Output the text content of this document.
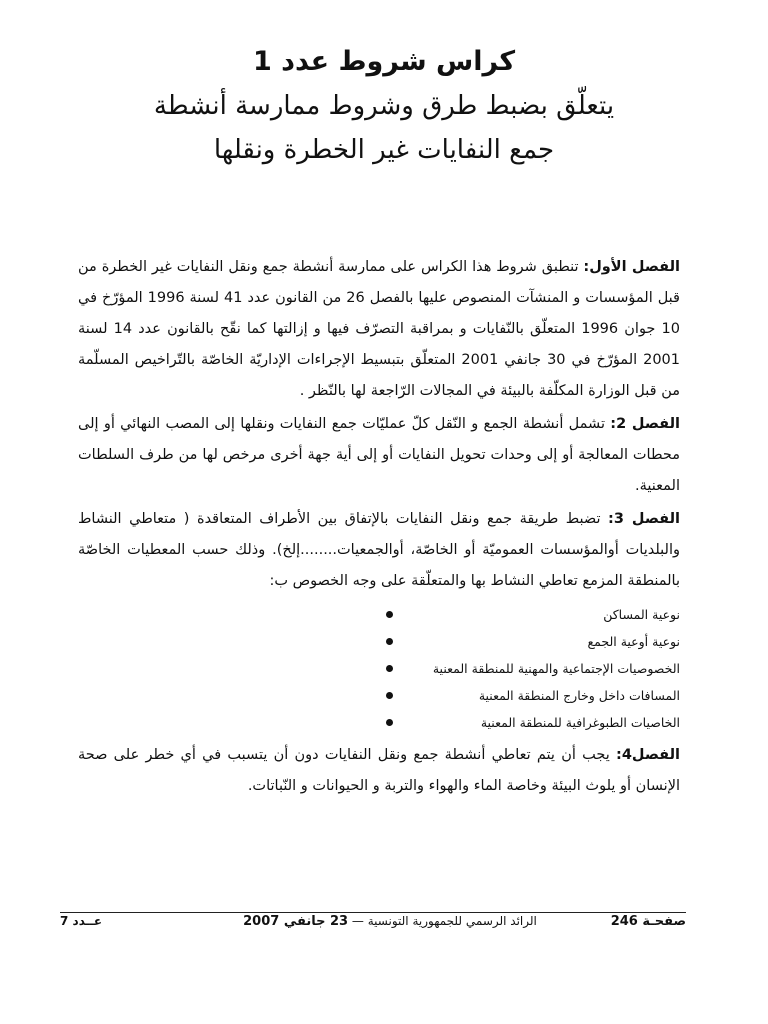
كراس شروط عدد 1
يتعلّق بضبط طرق وشروط ممارسة أنشطة
جمع النفايات غير الخطرة ونقلها

الفصل الأول: تنطبق شروط هذا الكراس على ممارسة أنشطة جمع ونقل النفايات غير الخطرة من قبل المؤسسات و المنشآت المنصوص عليها بالفصل 26 من القانون عدد 41 لسنة 1996 المؤرّخ في 10 جوان 1996 المتعلّق بالنّفايات و بمراقبة التصرّف فيها و إزالتها كما نقّح بالقانون عدد 14 لسنة 2001 المؤرّخ في 30 جانفي 2001 المتعلّق بتبسيط الإجراءات الإداريّة الخاصّة بالتّراخيص المسلّمة من قبل الوزارة المكلّفة بالبيئة في المجالات الرّاجعة لها بالنّظر .

الفصل 2: تشمل أنشطة الجمع و النّقل كلّ عمليّات جمع النفايات ونقلها إلى المصب النهائي أو إلى محطات المعالجة أو إلى وحدات تحويل النفايات أو إلى أية جهة أخرى مرخص لها من طرف السلطات المعنية.

الفصل 3: تضبط طريقة جمع ونقل النفايات بالإتفاق بين الأطراف المتعاقدة ( متعاطي النشاط والبلديات أوالمؤسسات العموميّة أو الخاصّة، أوالجمعيات........إلخ). وذلك حسب المعطيات الخاصّة بالمنطقة المزمع تعاطي النشاط بها والمتعلّقة على وجه الخصوص ب:

نوعية المساكن
نوعية أوعية الجمع
الخصوصيات الإجتماعية والمهنية للمنطقة المعنية
المسافات داخل وخارج المنطقة المعنية
الخاصيات الطبوغرافية للمنطقة المعنية

الفصل4: يجب أن يتم تعاطي أنشطة جمع ونقل النفايات دون أن يتسبب في أي خطر على صحة الإنسان أو يلوث البيئة وخاصة الماء والهواء والتربة و الحيوانات و النّباتات.

عــدد 7	الرائد الرسمي للجمهورية التونسية — 23 جانفي 2007	صفحـة 246
